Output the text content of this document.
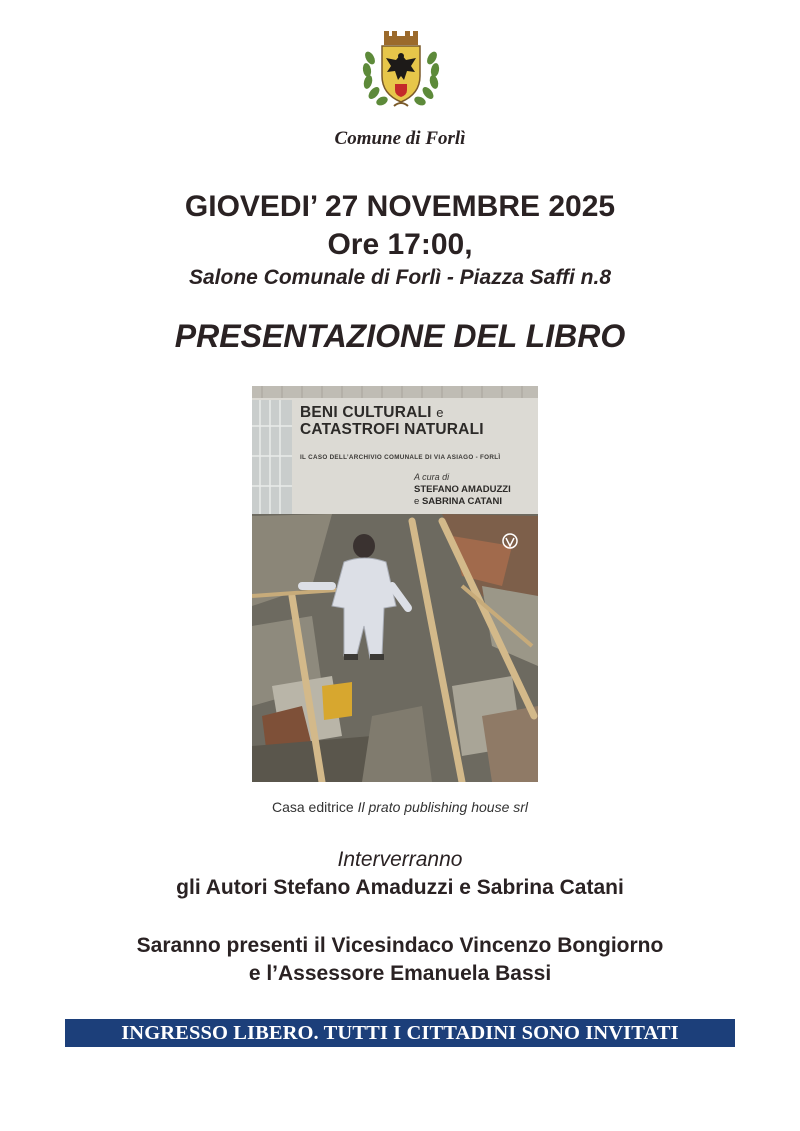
Comune di Forlì
GIOVEDI’ 27 NOVEMBRE 2025
Ore 17:00,
Salone Comunale di Forlì - Piazza Saffi n.8
PRESENTAZIONE DEL LIBRO
BENI CULTURALI e
CATASTROFI NATURALI
IL CASO DELL’ARCHIVIO COMUNALE DI VIA ASIAGO - FORLÌ
A cura di
STEFANO AMADUZZI
e SABRINA CATANI
Casa editrice Il prato publishing house srl
Interverranno
gli Autori Stefano Amaduzzi e Sabrina Catani
Saranno presenti il Vicesindaco Vincenzo Bongiorno
e l’Assessore Emanuela Bassi
INGRESSO LIBERO. TUTTI I CITTADINI SONO INVITATI
